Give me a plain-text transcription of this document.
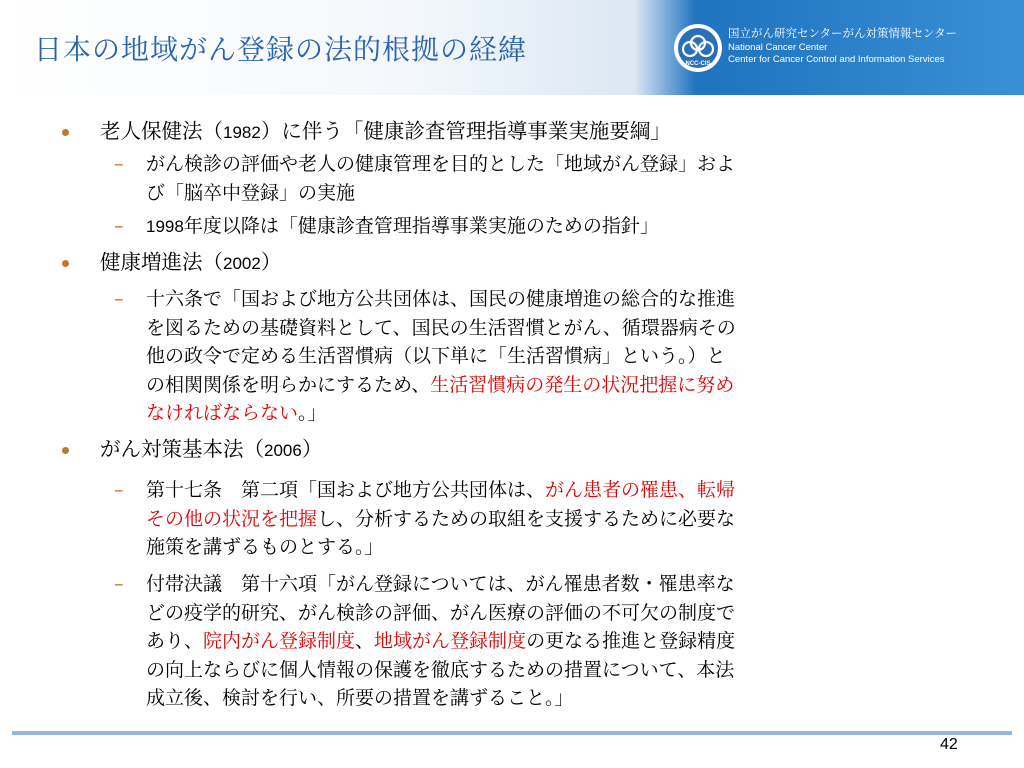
日本の地域がん登録の法的根拠の経緯	NCC-CIS
国立がん研究センターがん対策情報センター
National Cancer Center
Center for Cancer Control and Information Services
老人保健法（1982）に伴う「健康診査管理指導事業実施要綱」
– がん検診の評価や老人の健康管理を目的とした「地域がん登録」およ
び「脳卒中登録」の実施
– 1998年度以降は「健康診査管理指導事業実施のための指針」
健康増進法（2002）
– 十六条で「国および地方公共団体は、国民の健康増進の総合的な推進
を図るための基礎資料として、国民の生活習慣とがん、循環器病その
他の政令で定める生活習慣病（以下単に「生活習慣病」という。）と
の相関関係を明らかにするため、生活習慣病の発生の状況把握に努め
なければならない。」
がん対策基本法（2006）
– 第十七条　第二項「国および地方公共団体は、がん患者の罹患、転帰
その他の状況を把握し、分析するための取組を支援するために必要な
施策を講ずるものとする。」
– 付帯決議　第十六項「がん登録については、がん罹患者数・罹患率な
どの疫学的研究、がん検診の評価、がん医療の評価の不可欠の制度で
あり、院内がん登録制度、地域がん登録制度の更なる推進と登録精度
の向上ならびに個人情報の保護を徹底するための措置について、本法
成立後、検討を行い、所要の措置を講ずること。」
42
